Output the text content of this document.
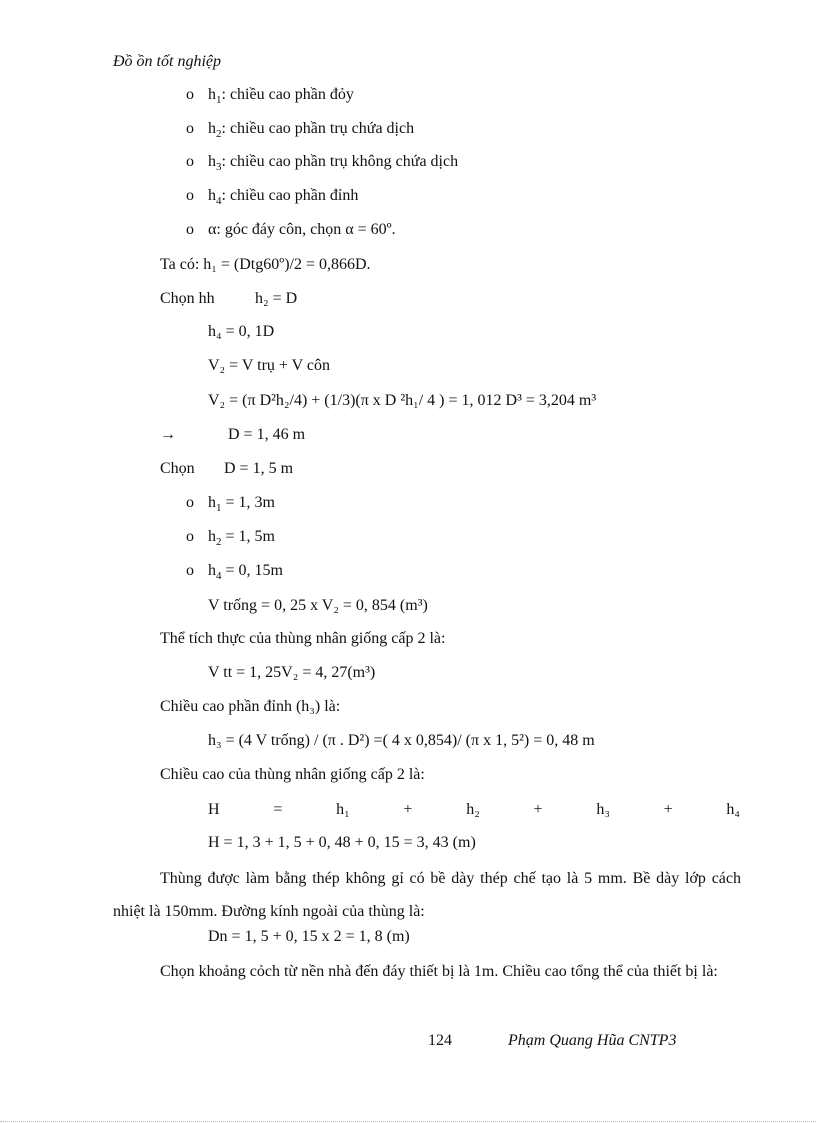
Đồ ồn tốt nghiệp
o $h_1$: chiều cao phần đỏy
o $h_2$: chiều cao phần trụ chứa dịch
o $h_3$: chiều cao phần trụ không chứa dịch
o $h_4$: chiều cao phần đỉnh
o α: góc đáy côn, chọn α = 60º.
Ta có: h₁ = (Dtg60º)/2 = 0,866D.
Chọn hh	h₂ = D
h₄ = 0, 1D
V₂ = V trụ + V côn
V₂ = (π D²h₂/4) + (1/3)(π x D ²h₁/ 4 ) = 1, 012 D³ = 3,204 m³
→	D = 1, 46 m
Chọn D = 1, 5 m
o $h_1 = 1$, 3m
o $h_2 = 1$, 5m
o $h_4 = 0$, 15m
V trống = 0, 25 x V₂ = 0, 854 (m³)
Thể tích thực của thùng nhân giống cấp 2 là:
V tt = 1, 25V₂ = 4, 27(m³)
Chiều cao phần đỉnh (h₃) là:
h₃ = (4 V trống) / (π . D²) =( 4 x 0,854)/ (π x 1, 5²) = 0, 48 m
Chiều cao của thùng nhân giống cấp 2 là:
H	=	h₁	+	h₂	+	h₃	+	h₄
H = 1, 3 + 1, 5 + 0, 48 + 0, 15 = 3, 43 (m)
Thùng được làm bằng thép không gỉ có bề dày thép chế tạo là 5 mm. Bề dày lớp cách nhiệt là 150mm. Đường kính ngoài của thùng là:
Dn = 1, 5 + 0, 15 x 2 = 1, 8 (m)
Chọn khoảng cỏch từ nền nhà đến đáy thiết bị là 1m. Chiều cao tổng thể của thiết bị là:
124	Phạm Quang Hũa CNTP3
